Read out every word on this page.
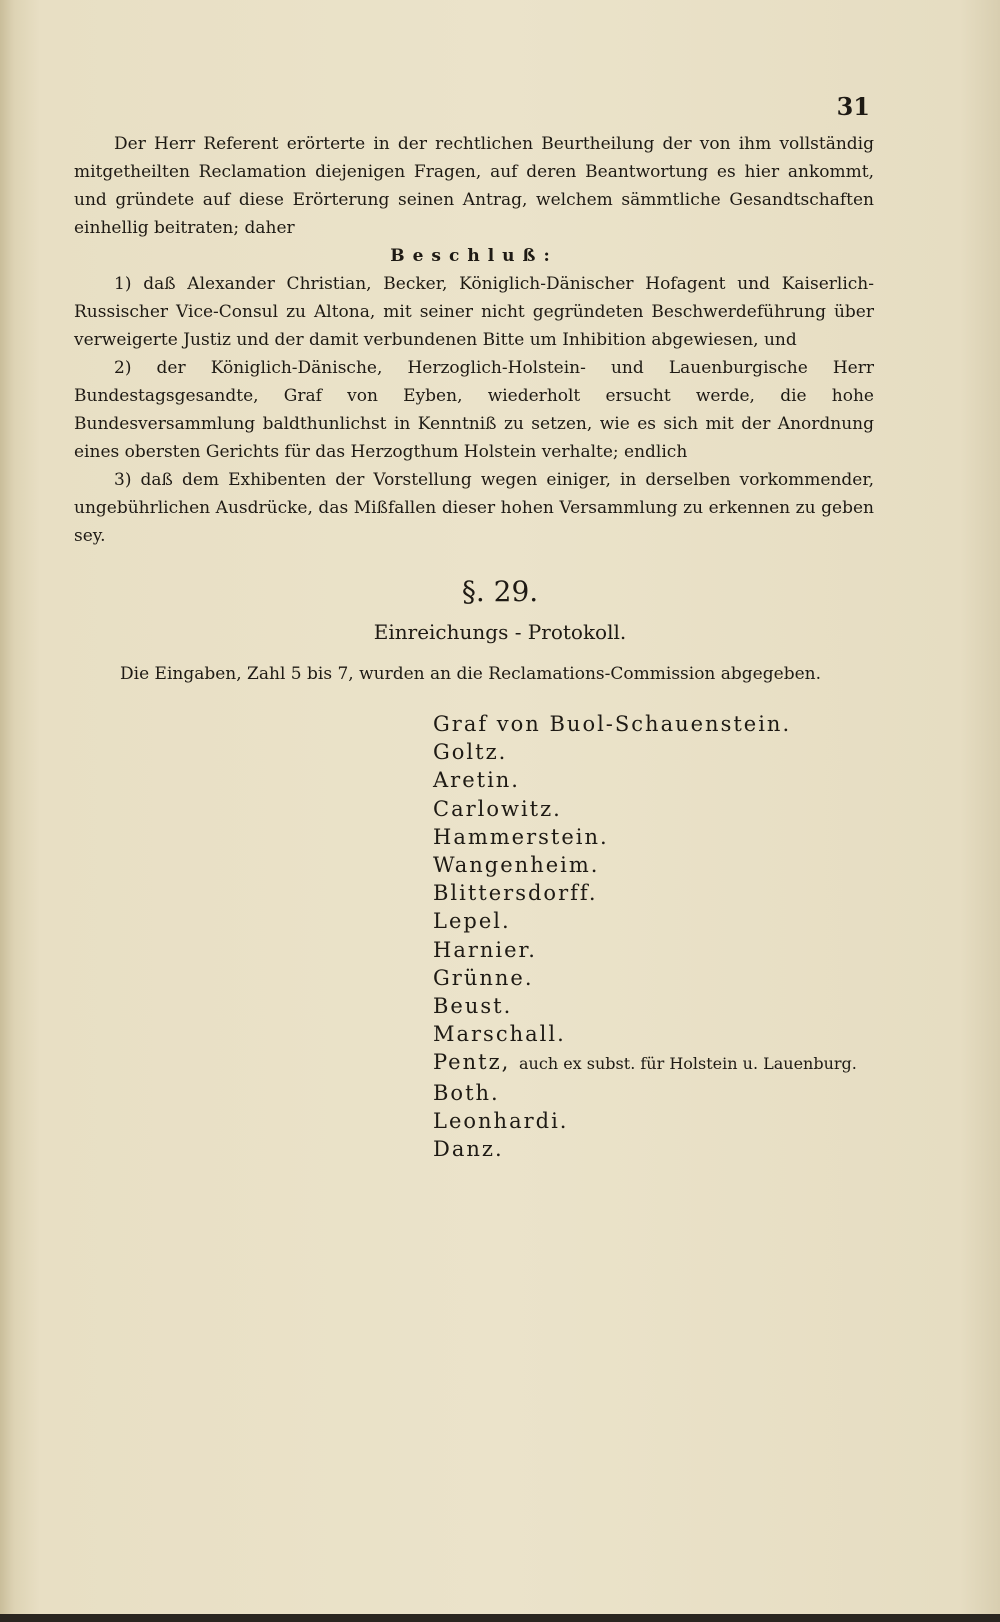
31

Der Herr Referent erörterte in der rechtlichen Beurtheilung der von ihm vollständig mitgetheilten Reclamation diejenigen Fragen, auf deren Beantwortung es hier ankommt, und gründete auf diese Erörterung seinen Antrag, welchem sämmtliche Gesandtschaften einhellig beitraten; daher

Beschluß:

1) daß Alexander Christian, Becker, Königlich-Dänischer Hofagent und Kaiserlich-Russischer Vice-Consul zu Altona, mit seiner nicht gegründeten Beschwerdeführung über verweigerte Justiz und der damit verbundenen Bitte um Inhibition abgewiesen, und

2) der Königlich-Dänische, Herzoglich-Holstein- und Lauenburgische Herr Bundestagsgesandte, Graf von Eyben, wiederholt ersucht werde, die hohe Bundesversammlung baldthunlichst in Kenntniß zu setzen, wie es sich mit der Anordnung eines obersten Gerichts für das Herzogthum Holstein verhalte; endlich

3) daß dem Exhibenten der Vorstellung wegen einiger, in derselben vorkommender, ungebührlichen Ausdrücke, das Mißfallen dieser hohen Versammlung zu erkennen zu geben sey.

§. 29.
Einreichungs - Protokoll.
Die Eingaben, Zahl 5 bis 7, wurden an die Reclamations-Commission abgegeben.
Graf von Buol-Schauenstein.
Goltz.
Aretin.
Carlowitz.
Hammerstein.
Wangenheim.
Blittersdorff.
Lepel.
Harnier.
Grünne.
Beust.
Marschall.
Pentz, auch ex subst. für Holstein u. Lauenburg.
Both.
Leonhardi.
Danz.
